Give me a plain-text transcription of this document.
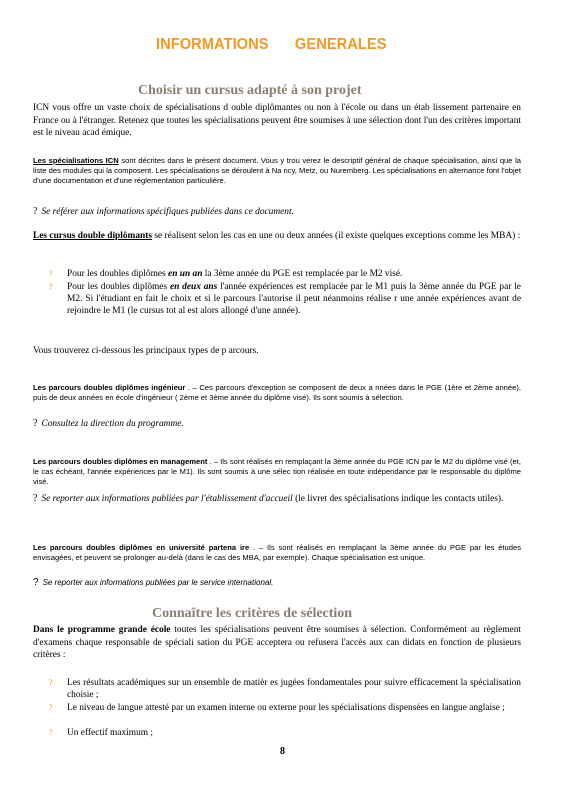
INFORMATIONS GENERALES
Choisir un cursus adapté à son projet
ICN vous offre un vaste choix de spécialisations d ouble diplômantes ou non à l'école ou dans un étab lissement partenaire en France ou à l'étranger. Retenez que toutes les spécialisations peuvent être soumises à une sélection dont l'un des critères important est le niveau acad émique.
Les spécialisations ICN sont décrites dans le présent document. Vous y trou verez le descriptif général de chaque spécialisation, ainsi que la liste des modules qui la composent. Les spécialisations se déroulent à Na ncy, Metz, ou Nuremberg. Les spécialisations en alternance font l'objet d'une documentation et d'une réglementation particulière.
? Se référer aux informations spécifiques publiées dans ce document.
Les cursus double diplômants se réalisent selon les cas en une ou deux années (il existe quelques exceptions comme les MBA) :
? Pour les doubles diplômes en un an la 3ème année du PGE est remplacée par le M2 visé.
? Pour les doubles diplômes en deux ans l'année expériences est remplacée par le M1 puis la 3ème année du PGE par le M2. Si l'étudiant en fait le choix et si le parcours l'autorise il peut néanmoins réalise r une année expériences avant de rejoindre le M1 (le cursus tot al est alors allongé d'une année).
Vous trouverez ci-dessous les principaux types de p arcours.
Les parcours doubles diplômes ingénieur . – Ces parcours d'exception se composent de deux a nnées dans le PGE (1ère et 2ème année), puis de deux années en école d'ingénieur ( 2ème et 3ème année du diplôme visé). Ils sont soumis à sélection.
? Consultez la direction du programme.
Les parcours doubles diplômes en management . – Ils sont réalisés en remplaçant la 3ème année du PGE ICN par le M2 du diplôme visé (et, le cas échéant, l'année expériences par le M1). Ils sont soumis à une sélec tion réalisée en toute indépendance par le responsable du diplôme visé.
? Se reporter aux informations publiées par l'établissement d'accueil (le livret des spécialisations indique les contacts utiles).
Les parcours doubles diplômes en université partena ire . – Ils sont réalisés en remplaçant la 3ème année du PGE par les études envisagées, et peuvent se prolonger au-delà (dans le cas des MBA, par exemple). Chaque spécialisation est unique.
? Se reporter aux informations publiées par le service international.
Connaître les critères de sélection
Dans le programme grande école toutes les spécialisations peuvent être soumises à sélection. Conformément au règlement d'examens chaque responsable de spéciali sation du PGE acceptera ou refusera l'accès aux can didats en fonction de plusieurs critères :
? Les résultats académiques sur un ensemble de matièr es jugées fondamentales pour suivre efficacement la spécialisation choisie ;
? Le niveau de langue attesté par un examen interne ou externe pour les spécialisations dispensées en langue anglaise ;
? Un effectif maximum ;
8
